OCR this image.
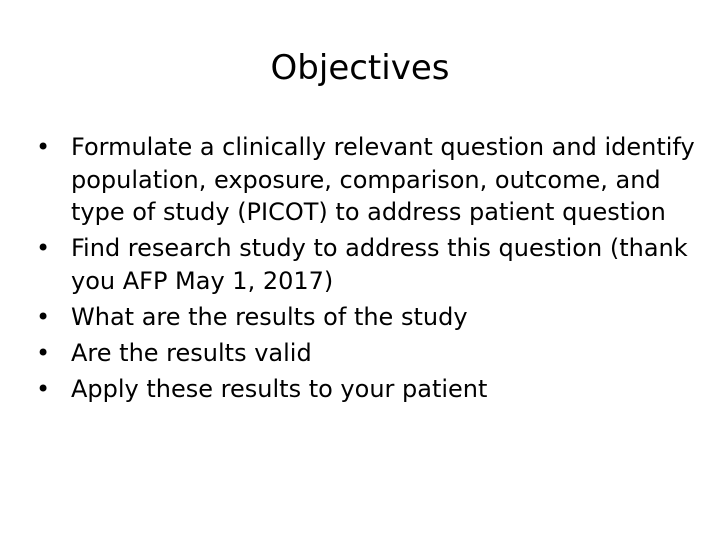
Objectives
• Formulate a clinically relevant question and identify population, exposure, comparison, outcome, and type of study (PICOT) to address patient question
• Find research study to address this question (thank you AFP May 1, 2017)
• What are the results of the study
• Are the results valid
• Apply these results to your patient
